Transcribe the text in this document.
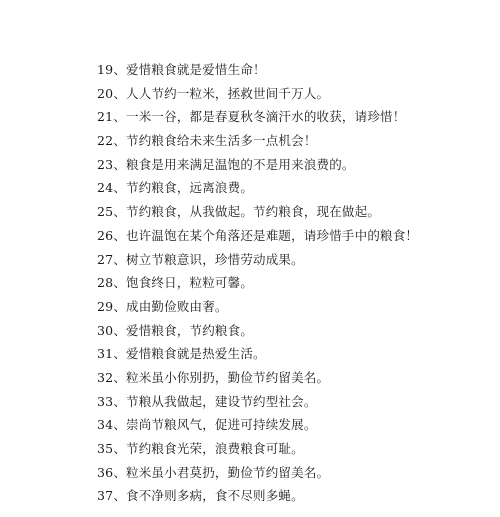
19、爱惜粮食就是爱惜生命！
20、人人节约一粒米，拯救世间千万人。
21、一米一谷，都是春夏秋冬滴汗水的收获，请珍惜！
22、节约粮食给未来生活多一点机会！
23、粮食是用来满足温饱的不是用来浪费的。
24、节约粮食，远离浪费。
25、节约粮食，从我做起。节约粮食，现在做起。
26、也许温饱在某个角落还是难题，请珍惜手中的粮食！
27、树立节粮意识，珍惜劳动成果。
28、饱食终日，粒粒可馨。
29、成由勤俭败由奢。
30、爱惜粮食，节约粮食。
31、爱惜粮食就是热爱生活。
32、粒米虽小你别扔，勤俭节约留美名。
33、节粮从我做起，建设节约型社会。
34、崇尚节粮风气，促进可持续发展。
35、节约粮食光荣，浪费粮食可耻。
36、粒米虽小君莫扔，勤俭节约留美名。
37、食不净则多病，食不尽则多蝇。
